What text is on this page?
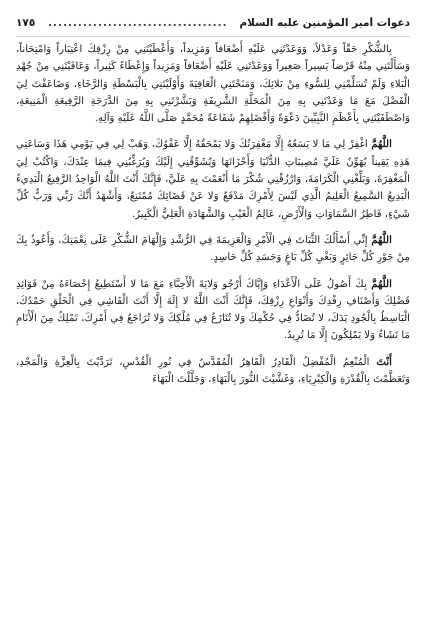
دعوات أمير المؤمنين عليه السلام
....................................
١٧٥

بِالشُّكْرِ حَقّاً وَعَدْلاً، وَوَعَدْتَنِي عَلَيْهِ أَضْعَافاً وَمَزِيداً، وَأَعْطَيْتَنِي مِنْ رِزْقِكَ اعْتِبَاراً وَامْتِحَاناً، وَسَأَلْتَنِي مِنْهُ قَرْضاً يَسِيراً صَغِيراً وَوَعَدْتَنِي عَلَيْهِ أَضْعَافاً وَمَزِيداً وَإِعْطَاءً كَثِيراً، وَعَافَيْتَنِي مِنْ جُهْدِ الْبَلاءِ وَلَمْ تُسَلِّمْنِي لِلسُّوءِ مِنْ بَلائِكَ، وَمَنَحْتَنِي الْعَافِيَةَ وَأَوْلَيْتَنِي بِالْبَسْطَةِ وَالرَّخَاءِ، وَضَاعَفْتَ لِيَ الْفَضْلَ مَعَ مَا وَعَدْتَنِي بِهِ مِنَ الْمَحَلَّةِ الشَّرِيفَةِ وَبَشَّرْتَنِي بِهِ مِنَ الدَّرَجَةِ الرَّفِيعَةِ الْمَنِيعَةِ، وَاصْطَفَيْتَنِي بِأَعْظَمِ النَّبِيِّينَ دَعْوَةً وَأَفْضَلِهِمْ شَفَاعَةً مُحَمَّدٍ صَلَّى اللَّهُ عَلَيْهِ وَآلِهِ.

اللَّهُمَّ اغْفِرْ لِي مَا لا يَسَعُهُ إِلَّا مَغْفِرَتُكَ وَلا يَمْحَقُهُ إِلَّا عَفْوُكَ، وَهَبْ لِي فِي يَوْمِي هَذَا وَسَاعَتِي هَذِهِ يَقِيناً يُهَوِّنُ عَلَيَّ مُصِيبَاتِ الدُّنْيَا وَأَحْزَانَهَا وَيُشَوِّقُنِي إِلَيْكَ وَيُرَغِّبُنِي فِيمَا عِنْدَكَ، وَاكْتُبْ لِيَ الْمَغْفِرَةَ، وَبَلِّغْنِي الْكَرَامَةَ، وَارْزُقْنِي شُكْرَ مَا أَنْعَمْتَ بِهِ عَلَيَّ، فَإِنَّكَ أَنْتَ اللَّهُ الْوَاحِدُ الرَّفِيعُ الْبَدِيءُ الْبَدِيعُ السَّمِيعُ الْعَلِيمُ الَّذِي لَيْسَ لِأَمْرِكَ مَدْفَعٌ وَلا عَنْ قَضَائِكَ مُمْتَنِعٌ، وَأَشْهَدُ أَنَّكَ رَبِّي وَرَبُّ كُلِّ شَيْءٍ، فَاطِرُ السَّمَاوَاتِ وَالْأَرْضِ، عَالِمُ الْغَيْبِ وَالشَّهَادَةِ الْعَلِيُّ الْكَبِيرُ.

اللَّهُمَّ إِنِّي أَسْأَلُكَ الثَّبَاتَ فِي الْأَمْرِ وَالْعَزِيمَةَ فِي الرُّشْدِ وَإِلْهَامَ الشُّكْرِ عَلَى نِعْمَتِكَ، وَأَعُوذُ بِكَ مِنْ جَوْرِ كُلِّ جَائِرٍ وَبَغْيِ كُلِّ بَاغٍ وَحَسَدِ كُلِّ حَاسِدٍ.

اللَّهُمَّ بِكَ أَصُولُ عَلَى الْأَعْدَاءِ وَإِيَّاكَ أَرْجُو وَلايَةَ الْأَحِبَّاءِ مَعَ مَا لا أَسْتَطِيعُ إِحْصَاءَهُ مِنْ فَوَائِدِ فَضْلِكَ وَأَصْنَافِ رِفْدِكَ وَأَنْوَاعِ رِزْقِكَ، فَإِنَّكَ أَنْتَ اللَّهُ لا إِلَهَ إِلَّا أَنْتَ الْفَاشِي فِي الْخَلْقِ حَمْدُكَ، الْبَاسِطُ بِالْجُودِ يَدَكَ، لا تُضَادُّ فِي حُكْمِكَ وَلا تُنَازَعُ فِي مُلْكِكَ وَلا تُرَاجَعُ فِي أَمْرِكَ، تَمْلِكُ مِنَ الْأَنَامِ مَا تَشَاءُ وَلا يَمْلِكُونَ إِلَّا مَا تُرِيدُ.

أَنْتَ الْمُنْعِمُ الْمُفْضِلُ الْقَادِرُ الْقَاهِرُ الْمُقَدَّسُ فِي نُورِ الْقُدْسِ، تَرَدَّيْتَ بِالْعِزَّةِ وَالْمَجْدِ، وَتَعَظَّمْتَ بِالْقُدْرَةِ وَالْكِبْرِيَاءِ، وَغَشَّيْتَ النُّورَ بِالْبَهَاءِ، وَجَلَّلْتَ الْبَهَاءَ
